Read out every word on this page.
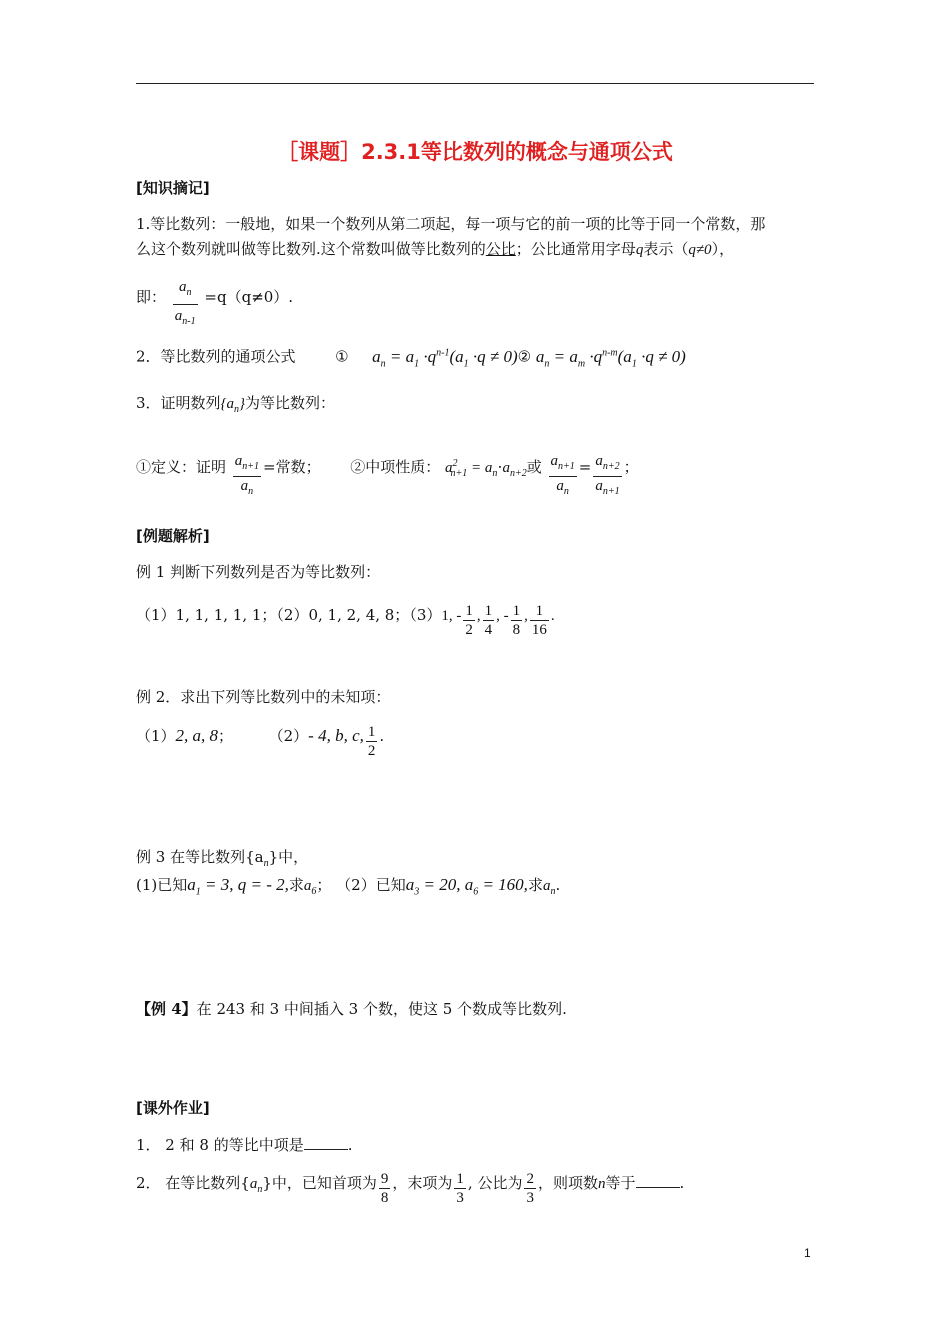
［课题］2.3.1等比数列的概念与通项公式
[知识摘记]
1.等比数列：一般地，如果一个数列从第二项起，每一项与它的前一项的比等于同一个常数，那
么这个数列就叫做等比数列.这个常数叫做等比数列的公比；公比通常用字母q表示（q≠0），
即： $\frac{a_n}{a_{n-1}} =q(q\ne 0)$.
2．等比数列的通项公式	① $a_n = a_1 \cdot q^{n-1}(a_1 \cdot q$ ≠ 0)② $a_n = a_m \cdot q^{n-m}(a_1 \cdot q \ne 0)$
3．证明数列$\{a_n\}$为等比数列：
①定义：证明 $\frac{a_{n+1}}{a_n}$ =常数； ②中项性质： $a^2_{n+1} = a_n\cdot a_{n+2}$或 $\frac{a_{n+1}}{a_n} = \frac{a_{n+2}}{a_{n+1}}$ ；
[例题解析]
例 1 判断下列数列是否为等比数列：
（1）1, 1, 1, 1, 1；（2）0, 1, 2, 4, 8；（3）1, - $\frac{1}{2}$ , $\frac{1}{4}$ , - $\frac{1}{8}$ , $\frac{1}{16}$ .
例 2．求出下列等比数列中的未知项：
（1）2, a, 8； （2）- 4, b, c, $\frac{1}{2}$ .
例 3 在等比数列$\{a_n\}$中，
(1)已知$a_1 = 3$, q = - 2,求$a_6$； （2）已知$a_3 = 20$, $a_6 = 160$,求$a_n$.
【例 4】在 243 和 3 中间插入 3 个数，使这 5 个数成等比数列.
[课外作业]
1． 2 和 8 的等比中项是	.
2． 在等比数列$\{a_n\}$中，已知首项为 $\frac{9}{8}$ ，末项为 $\frac{1}{3}$ , 公比为 $\frac{2}{3}$ ，则项数n等于	.
1
